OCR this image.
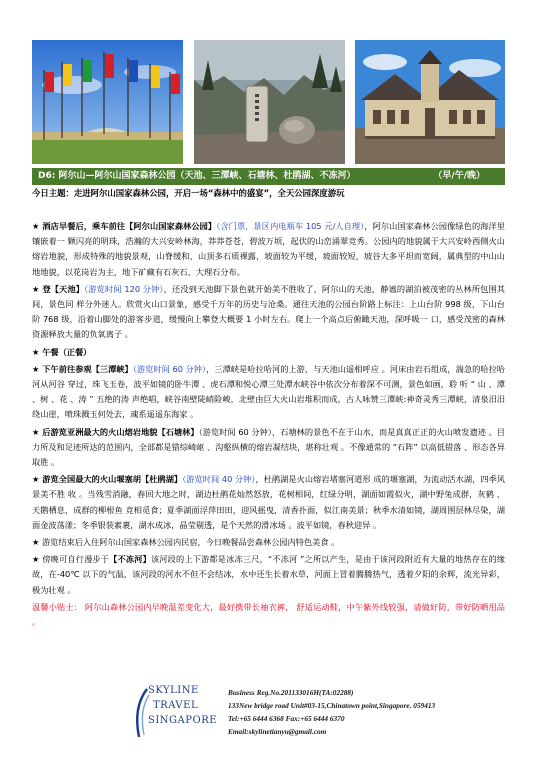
D6: 阿尔山—阿尔山国家森林公园（天池、三潭峡、石塘林、杜鹃湖、不冻河）	（早/午/晚）
今日主题：走进阿尔山国家森林公园，开启一场“森林中的盛宴”，全天公园深度游玩

★ 酒店早餐后，乘车前往【阿尔山国家森林公园】（含门票，景区内电瓶车 105 元/人自理），阿尔山国家森林公园像绿色的海洋里镶嵌着一 颗闪亮的明珠，浩瀚的大兴安岭林海，莽莽苍苍，碧波万顷，起伏的山峦涌翠竞秀。公园内的地貌属于大兴安岭西侧火山熔岩地貌，形成特殊的地貌景观，山脊缓和，山顶多石质裸露，坡面较为平缓，坡面较短，坡谷大多平坦而宽阔，属典型的中山山地地貌，以花岗岩为主，地下矿藏有石灰石、大理石分布。

★ 登【天池】（游览时间 120 分钟），还没到天池脚下景色就开始美不胜收了，阿尔山的天池，静谧的湖泊被茂密的丛林所包围其间，景色同 样分外迷人。欣赏火山口景象，感受千万年的历史与沧桑。通往天池的公园台阶路上标注：上山台阶 998 级，下山台阶 768 级，沿着山脚处的游客步道，缓慢向上攀登大概要 1 小时左右。爬上一个高点后俯瞰天池，深呼吸一 口，感受茂密的森林资源释放大量的负氧离子 。

★ 午餐（正餐）

★ 下午前往参观【三潭峡】（游览时间 60 分钟），三潭峡是哈拉哈河的上游，与天池山遥相呼应 。河床由岩石组成，湍急的哈拉哈河从河谷 穿过，珠飞玉卷，波平如镜的卧牛潭 、虎石潭和悦心潭三处潭水峡谷中依次分布着深不可测，景色如画，聆 听 “ 山 、潭 、树 、花 、涛 ” 五绝的涛 声绝唱，峡谷南壁陡峭险峻，北壁由巨大火山岩堆积而成，古人咏赞三潭峡:神奇灵秀三潭峡，清泉汨汨绕山崖，喷珠溅玉何处去，魂系遥遥东海家 。

★ 后游览亚洲最大的火山熔岩地貌【石塘林】（游览时间 60 分钟），石塘林的景色不在于山水，而是真真正正的火山喷发遗迹 。目力所及和足迹所达的范围内，全部都是错综崎岖 、沟壑纵横的熔岩凝结块，堪称壮观 。不像通常的 “石阵” 以高低错落 、形态各异取胜 。

★ 游览全国最大的火山堰塞胡【杜鹃湖】（游览时间 40 分钟），杜鹃湖是火山熔岩堵塞河道形 成的堰塞湖，为流动活水湖，四季风景美不胜 收 。当残雪消融，春回大地之时，湖边杜鹃花灿然怒放，花树相间，红绿分明，湖面如霞似火，湖中野兔成群，灰鹤 、天鹅栖息，成群的柳根鱼 竞相觅食；夏季湖面浮萍田田，迎风摇曳，清香扑面，似江南美景；秋季水清如镜，湖周围层林尽染，湖面金波荡漾；冬季银装素裹，湖水成冰，晶莹剔透，是个天然的滑冰场 。波平如镜，春秋迎异 。

★ 游览结束后入住阿尔山国家森林公园内民宿，今日晚餐品尝森林公园内特色美食 。

★ 傍晚可自行漫步于【不冻河】该河段的上下游都是冰冻三尺，“不冻河 ”之所以产生，是由于该河段附近有大量的地热存在的缘故，在-40℃ 以下的气温，该河段的河水不但不会结冰，水中还生长着水草，河面上冒着腾腾热气，透着夕阳的余辉，流光异彩，极为壮观 。

温馨小贴士： 阿尔山森林公园内早晚温差变化大，最好携带长袖衣裤， 舒适运动鞋，中午紫外线较强，请做好防，带好防晒用品 。

SKYLINE
TRAVEL
SINGAPORE
Business Reg.No.201133016H(TA:02288)
133New bridge road Unit#03-15,Chinatown point,Singapore. 059413
Tel:+65 6444 6368 Fax:+65 6444 6370
Email:skylinetianyu@gmail.com
